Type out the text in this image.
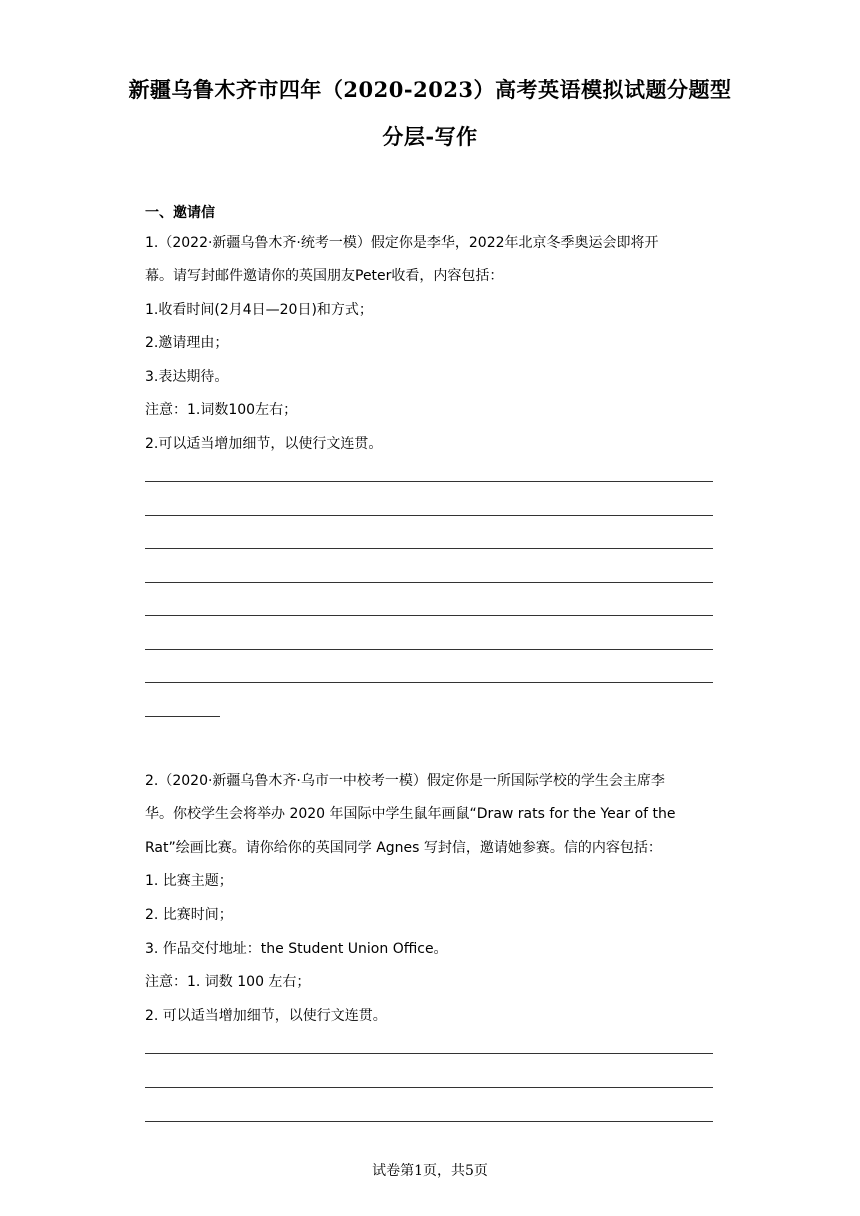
新疆乌鲁木齐市四年（2020-2023）高考英语模拟试题分题型
分层-写作
一、邀请信
1.（2022·新疆乌鲁木齐·统考一模）假定你是李华，2022年北京冬季奥运会即将开
幕。请写封邮件邀请你的英国朋友Peter收看，内容包括：
1.收看时间(2月4日—20日)和方式；
2.邀请理由；
3.表达期待。
注意：1.词数100左右；
2.可以适当增加细节，以使行文连贯。
2.（2020·新疆乌鲁木齐·乌市一中校考一模）假定你是一所国际学校的学生会主席李
华。你校学生会将举办 2020 年国际中学生鼠年画鼠“Draw rats for the Year of the
Rat”绘画比赛。请你给你的英国同学 Agnes 写封信，邀请她参赛。信的内容包括：
1. 比赛主题；
2. 比赛时间；
3. 作品交付地址：the Student Union Office。
注意：1. 词数 100 左右；
2. 可以适当增加细节，以使行文连贯。
试卷第1页，共5页
